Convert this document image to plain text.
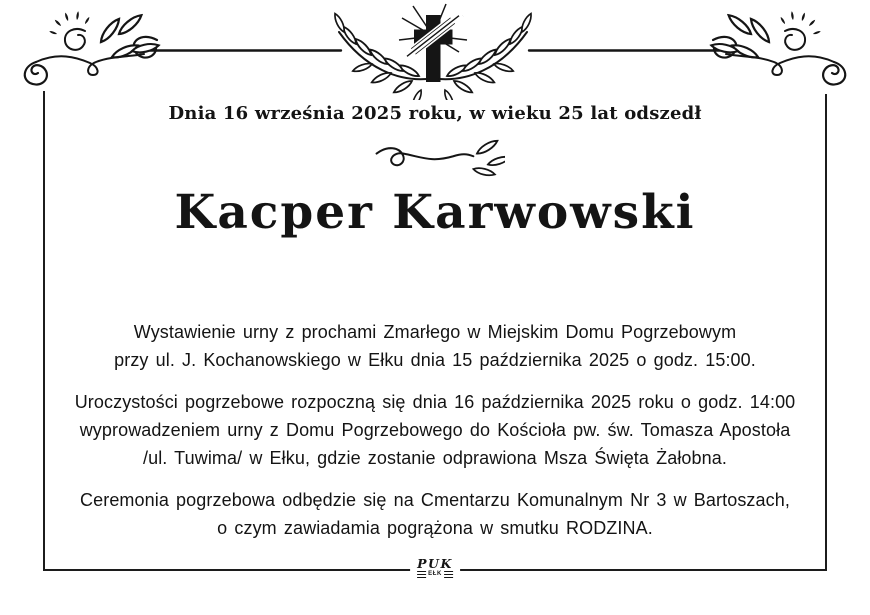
Dnia 16 września 2025 roku, w wieku 25 lat odszedł
Kacper Karwowski

Wystawienie urny z prochami Zmarłego w Miejskim Domu Pogrzebowym
przy ul. J. Kochanowskiego w Ełku dnia 15 października 2025 o godz. 15:00.

Uroczystości pogrzebowe rozpoczną się dnia 16 października 2025 roku o godz. 14:00
wyprowadzeniem urny z Domu Pogrzebowego do Kościoła pw. św. Tomasza Apostoła
/ul. Tuwima/ w Ełku, gdzie zostanie odprawiona Msza Święta Żałobna.

Ceremonia pogrzebowa odbędzie się na Cmentarzu Komunalnym Nr 3 w Bartoszach,
o czym zawiadamia pogrążona w smutku RODZINA.

PUK
EŁK
